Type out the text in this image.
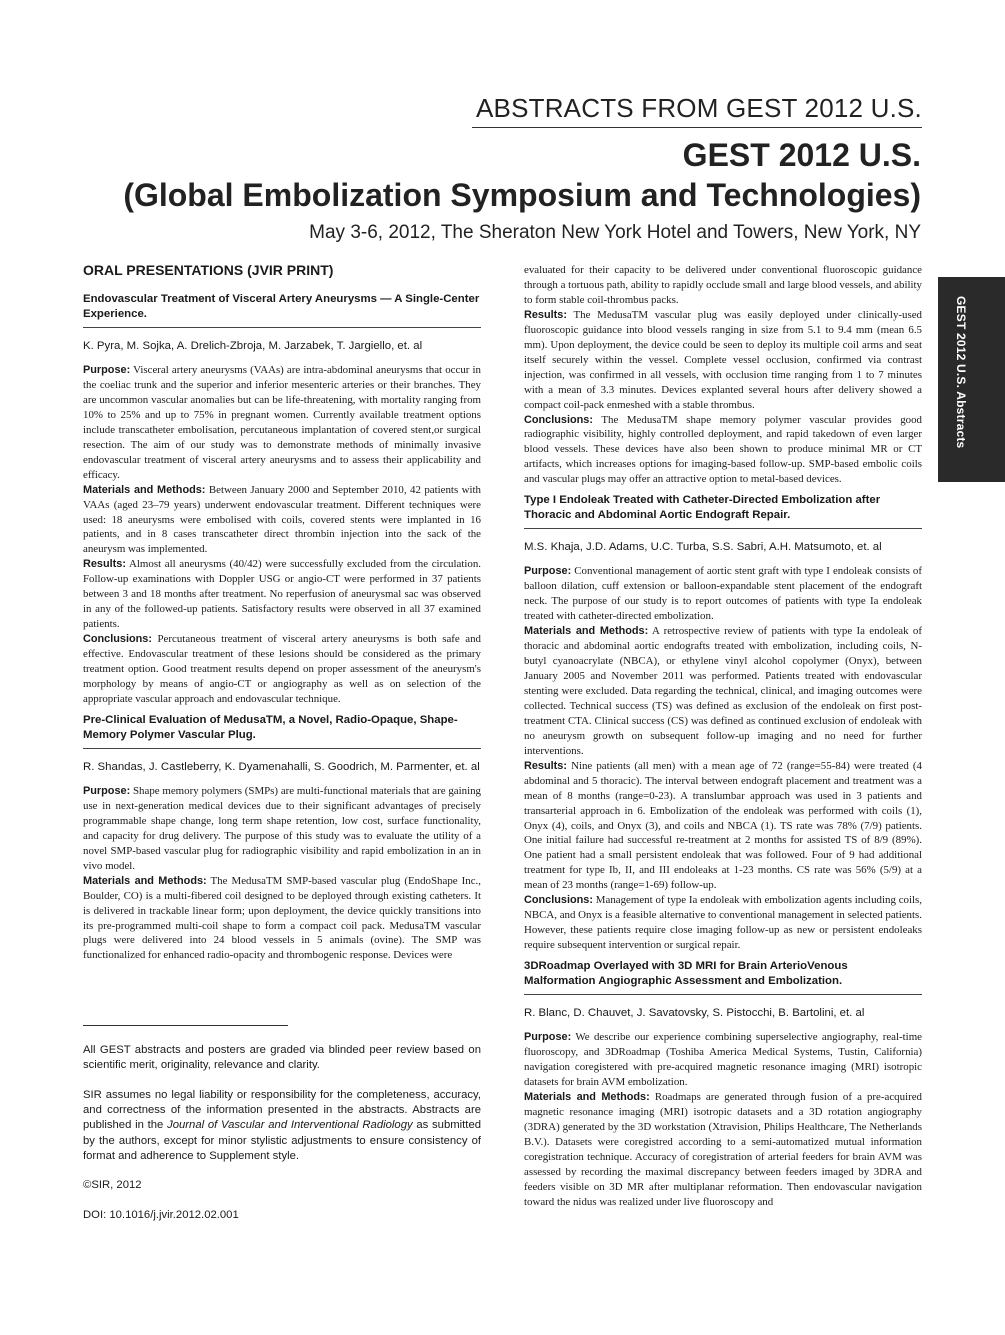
ABSTRACTS FROM GEST 2012 U.S.
GEST 2012 U.S.
(Global Embolization Symposium and Technologies)
May 3-6, 2012, The Sheraton New York Hotel and Towers, New York, NY
GEST 2012 U.S. Abstracts
ORAL PRESENTATIONS (JVIR PRINT)
Endovascular Treatment of Visceral Artery Aneurysms — A Single-Center Experience.
K. Pyra, M. Sojka, A. Drelich-Zbroja, M. Jarzabek, T. Jargiello, et. al

Purpose: Visceral artery aneurysms (VAAs) are intra-abdominal aneurysms that occur in the coeliac trunk and the superior and inferior mesenteric arteries or their branches. They are uncommon vascular anomalies but can be life-threatening, with mortality ranging from 10% to 25% and up to 75% in pregnant women. Currently available treatment options include transcatheter embolisation, percutaneous implantation of covered stent,or surgical resection. The aim of our study was to demonstrate methods of minimally invasive endovascular treatment of visceral artery aneurysms and to assess their applicability and efficacy.

Materials and Methods: Between January 2000 and September 2010, 42 patients with VAAs (aged 23–79 years) underwent endovascular treatment. Different techniques were used: 18 aneurysms were embolised with coils, covered stents were implanted in 16 patients, and in 8 cases transcatheter direct thrombin injection into the sack of the aneurysm was implemented.

Results: Almost all aneurysms (40/42) were successfully excluded from the circulation. Follow-up examinations with Doppler USG or angio-CT were performed in 37 patients between 3 and 18 months after treatment. No reperfusion of aneurysmal sac was observed in any of the followed-up patients. Satisfactory results were observed in all 37 examined patients.

Conclusions: Percutaneous treatment of visceral artery aneurysms is both safe and effective. Endovascular treatment of these lesions should be considered as the primary treatment option. Good treatment results depend on proper assessment of the aneurysm's morphology by means of angio-CT or angiography as well as on selection of the appropriate vascular approach and endovascular technique.

Pre-Clinical Evaluation of MedusaTM, a Novel, Radio-Opaque, Shape-Memory Polymer Vascular Plug.
R. Shandas, J. Castleberry, K. Dyamenahalli, S. Goodrich, M. Parmenter, et. al

Purpose: Shape memory polymers (SMPs) are multi-functional materials that are gaining use in next-generation medical devices due to their significant advantages of precisely programmable shape change, long term shape retention, low cost, surface functionality, and capacity for drug delivery. The purpose of this study was to evaluate the utility of a novel SMP-based vascular plug for radiographic visibility and rapid embolization in an in vivo model.

Materials and Methods: The MedusaTM SMP-based vascular plug (EndoShape Inc., Boulder, CO) is a multi-fibered coil designed to be deployed through existing catheters. It is delivered in trackable linear form; upon deployment, the device quickly transitions into its pre-programmed multi-coil shape to form a compact coil pack. MedusaTM vascular plugs were delivered into 24 blood vessels in 5 animals (ovine). The SMP was functionalized for enhanced radio-opacity and thrombogenic response. Devices were

All GEST abstracts and posters are graded via blinded peer review based on scientific merit, originality, relevance and clarity.
SIR assumes no legal liability or responsibility for the completeness, accuracy, and correctness of the information presented in the abstracts. Abstracts are published in the Journal of Vascular and Interventional Radiology as submitted by the authors, except for minor stylistic adjustments to ensure consistency of format and adherence to Supplement style.
©SIR, 2012
DOI: 10.1016/j.jvir.2012.02.001

evaluated for their capacity to be delivered under conventional fluoroscopic guidance through a tortuous path, ability to rapidly occlude small and large blood vessels, and ability to form stable coil-thrombus packs.

Results: The MedusaTM vascular plug was easily deployed under clinically-used fluoroscopic guidance into blood vessels ranging in size from 5.1 to 9.4 mm (mean 6.5 mm). Upon deployment, the device could be seen to deploy its multiple coil arms and seat itself securely within the vessel. Complete vessel occlusion, confirmed via contrast injection, was confirmed in all vessels, with occlusion time ranging from 1 to 7 minutes with a mean of 3.3 minutes. Devices explanted several hours after delivery showed a compact coil-pack enmeshed with a stable thrombus.

Conclusions: The MedusaTM shape memory polymer vascular provides good radiographic visibility, highly controlled deployment, and rapid takedown of even larger blood vessels. These devices have also been shown to produce minimal MR or CT artifacts, which increases options for imaging-based follow-up. SMP-based embolic coils and vascular plugs may offer an attractive option to metal-based devices.

Type I Endoleak Treated with Catheter-Directed Embolization after Thoracic and Abdominal Aortic Endograft Repair.
M.S. Khaja, J.D. Adams, U.C. Turba, S.S. Sabri, A.H. Matsumoto, et. al

Purpose: Conventional management of aortic stent graft with type I endoleak consists of balloon dilation, cuff extension or balloon-expandable stent placement of the endograft neck. The purpose of our study is to report outcomes of patients with type Ia endoleak treated with catheter-directed embolization.

Materials and Methods: A retrospective review of patients with type Ia endoleak of thoracic and abdominal aortic endografts treated with embolization, including coils, N-butyl cyanoacrylate (NBCA), or ethylene vinyl alcohol copolymer (Onyx), between January 2005 and November 2011 was performed. Patients treated with endovascular stenting were excluded. Data regarding the technical, clinical, and imaging outcomes were collected. Technical success (TS) was defined as exclusion of the endoleak on first post-treatment CTA. Clinical success (CS) was defined as continued exclusion of endoleak with no aneurysm growth on subsequent follow-up imaging and no need for further interventions.

Results: Nine patients (all men) with a mean age of 72 (range=55-84) were treated (4 abdominal and 5 thoracic). The interval between endograft placement and treatment was a mean of 8 months (range=0-23). A translumbar approach was used in 3 patients and transarterial approach in 6. Embolization of the endoleak was performed with coils (1), Onyx (4), coils, and Onyx (3), and coils and NBCA (1). TS rate was 78% (7/9) patients. One initial failure had successful re-treatment at 2 months for assisted TS of 8/9 (89%). One patient had a small persistent endoleak that was followed. Four of 9 had additional treatment for type Ib, II, and III endoleaks at 1-23 months. CS rate was 56% (5/9) at a mean of 23 months (range=1-69) follow-up.

Conclusions: Management of type Ia endoleak with embolization agents including coils, NBCA, and Onyx is a feasible alternative to conventional management in selected patients. However, these patients require close imaging follow-up as new or persistent endoleaks require subsequent intervention or surgical repair.

3DRoadmap Overlayed with 3D MRI for Brain ArterioVenous Malformation Angiographic Assessment and Embolization.
R. Blanc, D. Chauvet, J. Savatovsky, S. Pistocchi, B. Bartolini, et. al

Purpose: We describe our experience combining superselective angiography, real-time fluoroscopy, and 3DRoadmap (Toshiba America Medical Systems, Tustin, California) navigation coregistered with pre-acquired magnetic resonance imaging (MRI) isotropic datasets for brain AVM embolization.

Materials and Methods: Roadmaps are generated through fusion of a pre-acquired magnetic resonance imaging (MRI) isotropic datasets and a 3D rotation angiography (3DRA) generated by the 3D workstation (Xtravision, Philips Healthcare, The Netherlands B.V.). Datasets were coregistred according to a semi-automatized mutual information coregistration technique. Accuracy of coregistration of arterial feeders for brain AVM was assessed by recording the maximal discrepancy between feeders imaged by 3DRA and feeders visible on 3D MR after multiplanar reformation. Then endovascular navigation toward the nidus was realized under live fluoroscopy and
